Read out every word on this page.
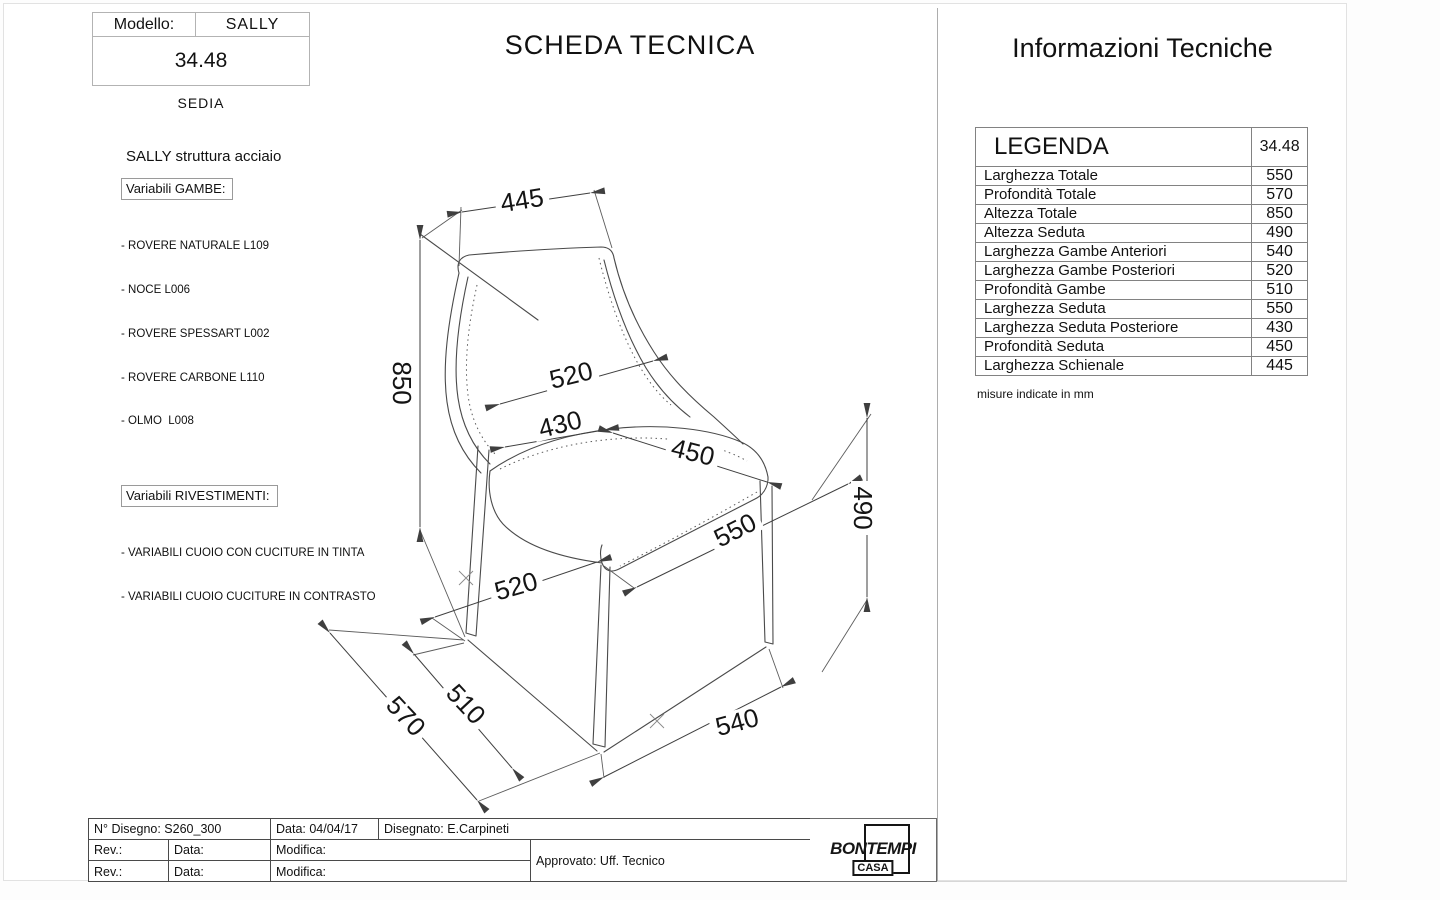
445
850	520
430
450
550	490
520
570 510	540
Modello:	SALLY
34.48
SEDIA
SCHEDA TECNICA
SALLY struttura acciaio
Variabili GAMBE:

- ROVERE NATURALE L109

- NOCE L006

- ROVERE SPESSART L002

- ROVERE CARBONE L110

- OLMO  L008

Variabili RIVESTIMENTI:

- VARIABILI CUOIO CON CUCITURE IN TINTA

- VARIABILI CUOIO CUCITURE IN CONTRASTO

Informazioni Tecniche
LEGENDA	34.48
Larghezza Totale	550
Profondità Totale	570
Altezza Totale	850
Altezza Seduta	490
Larghezza Gambe Anteriori	540
Larghezza Gambe Posteriori	520
Profondità Gambe	510
Larghezza Seduta	550
Larghezza Seduta Posteriore	430
Profondità Seduta	450
Larghezza Schienale	445
misure indicate in mm
N° Disegno: S260_300	Data: 04/04/17	Disegnato: E.Carpineti
Rev.:	Data:	Modifica:
Approvato: Uff. Tecnico
Rev.:	Data:	Modifica:
BONTEMPI
CASA
